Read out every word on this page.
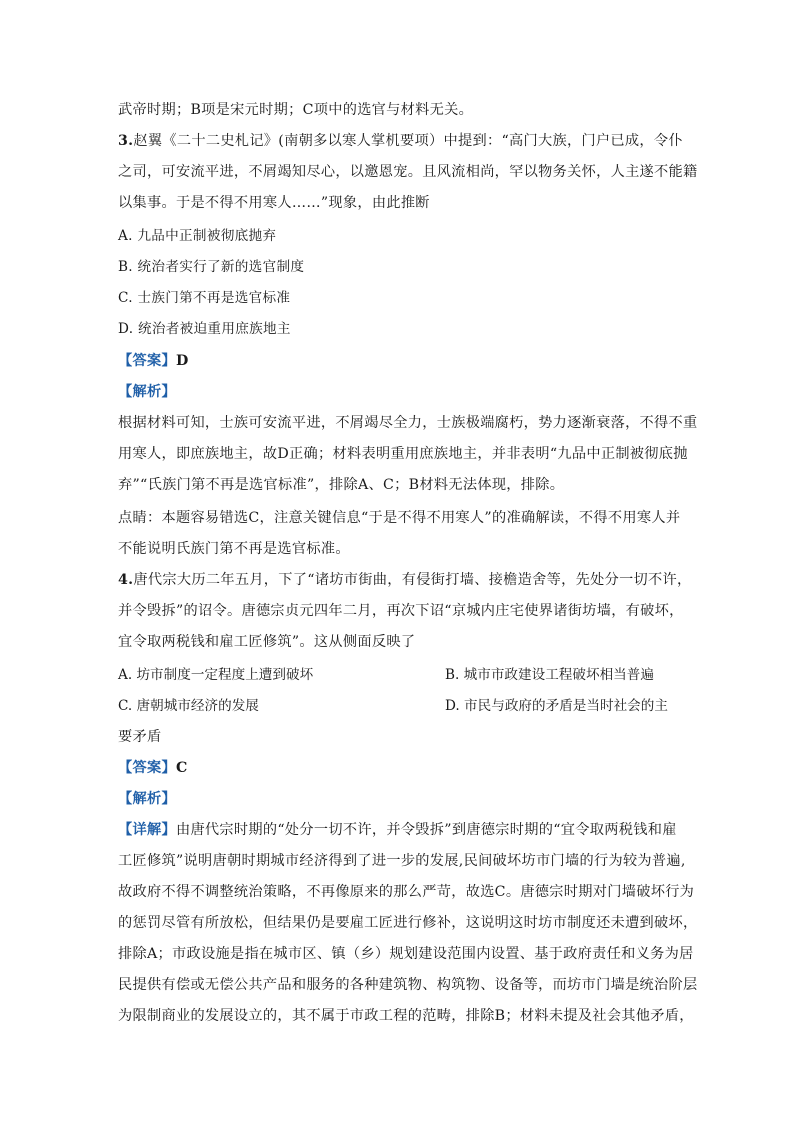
武帝时期；B项是宋元时期；C项中的选官与材料无关。
3.赵翼《二十二史札记》(南朝多以寒人掌机要项）中提到：“高门大族，门户已成，令仆
之司，可安流平进，不屑竭知尽心，以邀恩宠。且风流相尚，罕以物务关怀，人主遂不能籍
以集事。于是不得不用寒人……”现象，由此推断
A. 九品中正制被彻底抛弃
B. 统治者实行了新的选官制度
C. 士族门第不再是选官标准
D. 统治者被迫重用庶族地主
【答案】D
【解析】
根据材料可知，士族可安流平进，不屑竭尽全力，士族极端腐朽，势力逐渐衰落，不得不重
用寒人，即庶族地主，故D正确；材料表明重用庶族地主，并非表明“九品中正制被彻底抛
弃”“氏族门第不再是选官标准”，排除A、C；B材料无法体现，排除。
点睛：本题容易错选C，注意关键信息“于是不得不用寒人”的准确解读，不得不用寒人并
不能说明氏族门第不再是选官标准。
4.唐代宗大历二年五月，下了“诸坊市街曲，有侵街打墙、接檐造舍等，先处分一切不许，
并令毁拆”的诏令。唐德宗贞元四年二月，再次下诏“京城内庄宅使界诸街坊墙，有破坏，
宜令取两税钱和雇工匠修筑”。这从侧面反映了
A. 坊市制度一定程度上遭到破坏	B. 城市市政建设工程破坏相当普遍
C. 唐朝城市经济的发展	D. 市民与政府的矛盾是当时社会的主
要矛盾
【答案】C
【解析】
【详解】由唐代宗时期的“处分一切不许，并令毁拆”到唐德宗时期的“宜令取两税钱和雇
工匠修筑”说明唐朝时期城市经济得到了进一步的发展,民间破坏坊市门墙的行为较为普遍,
故政府不得不调整统治策略，不再像原来的那么严苛，故选C。唐德宗时期对门墙破坏行为
的惩罚尽管有所放松，但结果仍是要雇工匠进行修补，这说明这时坊市制度还未遭到破坏，
排除A；市政设施是指在城市区、镇（乡）规划建设范围内设置、基于政府责任和义务为居
民提供有偿或无偿公共产品和服务的各种建筑物、构筑物、设备等，而坊市门墙是统治阶层
为限制商业的发展设立的，其不属于市政工程的范畴，排除B；材料未提及社会其他矛盾，
